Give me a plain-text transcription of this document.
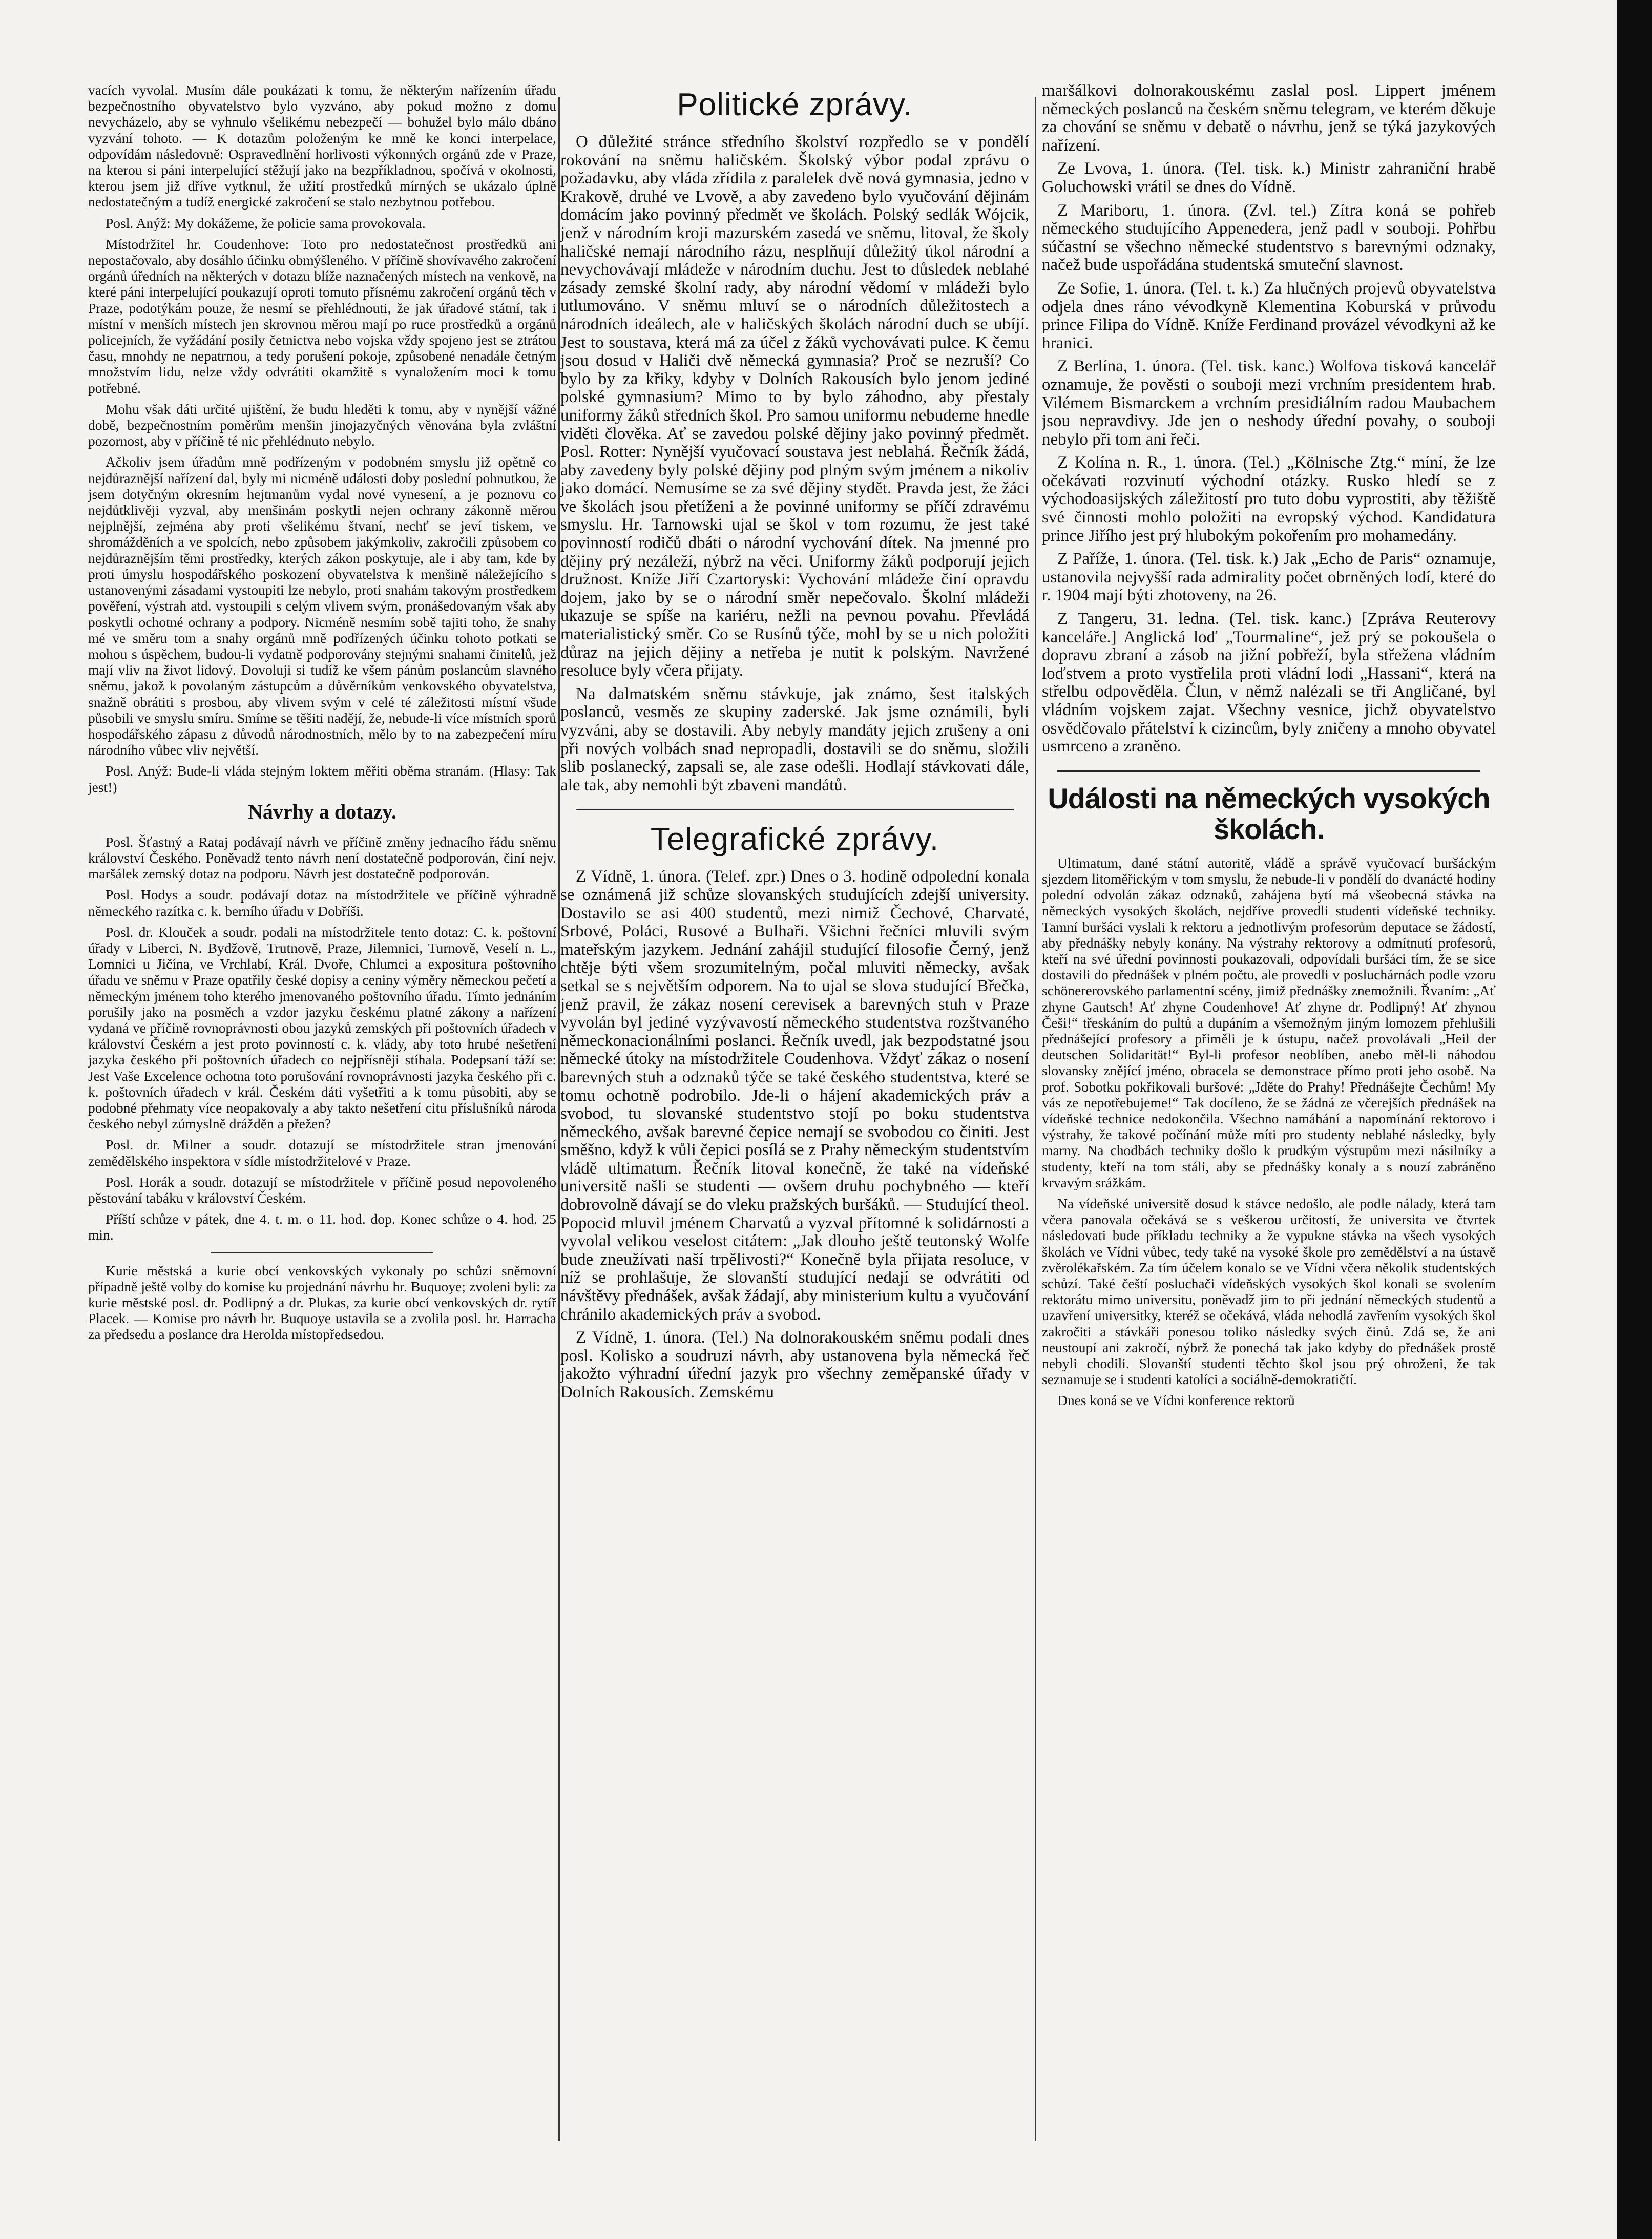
vacích vyvolal. Musím dále poukázati k tomu, že některým nařízením úřadu bezpečnostního obyvatelstvo bylo vyzváno, aby pokud možno z domu nevycházelo, aby se vyhnulo všelikému nebezpečí — bohužel bylo málo dbáno vyzvání tohoto. — K dotazům položeným ke mně ke konci interpelace, odpovídám následovně: Ospravedlnění horlivosti výkonných orgánů zde v Praze, na kterou si páni interpelující stěžují jako na bezpříkladnou, spočívá v okolnosti, kterou jsem již dříve vytknul, že užití prostředků mírných se ukázalo úplně nedostatečným a tudíž energické zakročení se stalo nezbytnou potřebou.

Posl. Anýž: My dokážeme, že policie sama provokovala.

Místodržitel hr. Coudenhove: Toto pro nedostatečnost prostředků ani nepostačovalo, aby dosáhlo účinku obmýšleného. V příčině shovívavého zakročení orgánů úředních na některých v dotazu blíže naznačených místech na venkově, na které páni interpelující poukazují oproti tomuto přísnému zakročení orgánů těch v Praze, podotýkám pouze, že nesmí se přehlédnouti, že jak úřadové státní, tak i místní v menších místech jen skrovnou měrou mají po ruce prostředků a orgánů policejních, že vyžádání posily četnictva nebo vojska vždy spojeno jest se ztrátou času, mnohdy ne nepatrnou, a tedy porušení pokoje, způsobené nenadále četným množstvím lidu, nelze vždy odvrátiti okamžitě s vynaložením moci k tomu potřebné.

Mohu však dáti určité ujištění, že budu hleděti k tomu, aby v nynější vážné době, bezpečnostním poměrům menšin jinojazyčných věnována byla zvláštní pozornost, aby v příčině té nic přehlédnuto nebylo.

Ačkoliv jsem úřadům mně podřízeným v podobném smyslu již opětně co nejdůraznější nařízení dal, byly mi nicméně události doby poslední pohnutkou, že jsem dotyčným okresním hejtmanům vydal nové vynesení, a je poznovu co nejdůtklivěji vyzval, aby menšinám poskytli nejen ochrany zákonně měrou nejplnější, zejména aby proti všelikému štvaní, nechť se jeví tiskem, ve shromážděních a ve spolcích, nebo způsobem jakýmkoliv, zakročili způsobem co nejdůraznějším těmi prostředky, kterých zákon poskytuje, ale i aby tam, kde by proti úmyslu hospodářského poskození obyvatelstva k menšině náležejícího s ustanovenými zásadami vystoupiti lze nebylo, proti snahám takovým prostředkem pověření, výstrah atd. vystoupili s celým vlivem svým, pronášedovaným však aby poskytli ochotné ochrany a podpory. Nicméně nesmím sobě tajiti toho, že snahy mé ve směru tom a snahy orgánů mně podřízených účinku tohoto potkati se mohou s úspěchem, budou-li vydatně podporovány stejnými snahami činitelů, jež mají vliv na život lidový. Dovoluji si tudíž ke všem pánům poslancům slavného sněmu, jakož k povolaným zástupcům a důvěrníkům venkovského obyvatelstva, snažně obrátiti s prosbou, aby vlivem svým v celé té záležitosti místní všude působili ve smyslu smíru. Smíme se těšiti nadějí, že, nebude-li více místních sporů hospodářského zápasu z důvodů národnostních, mělo by to na zabezpečení míru národního vůbec vliv největší.

Posl. Anýž: Bude-li vláda stejným loktem měřiti oběma stranám. (Hlasy: Tak jest!)

Návrhy a dotazy.

Posl. Šťastný a Rataj podávají návrh ve příčině změny jednacího řádu sněmu království Českého. Poněvadž tento návrh není dostatečně podporován, činí nejv. maršálek zemský dotaz na podporu. Návrh jest dostatečně podporován.

Posl. Hodys a soudr. podávají dotaz na místodržitele ve příčině výhradně německého razítka c. k. berního úřadu v Dobříši.

Posl. dr. Klouček a soudr. podali na místodržitele tento dotaz: C. k. poštovní úřady v Liberci, N. Bydžově, Trutnově, Praze, Jilemnici, Turnově, Veselí n. L., Lomnici u Jičína, ve Vrchlabí, Král. Dvoře, Chlumci a expositura poštovního úřadu ve sněmu v Praze opatřily české dopisy a ceniny výměry německou pečetí a německým jménem toho kterého jmenovaného poštovního úřadu. Tímto jednáním porušily jako na posměch a vzdor jazyku českému platné zákony a nařízení vydaná ve příčině rovnoprávnosti obou jazyků zemských při poštovních úřadech v království Českém a jest proto povinností c. k. vlády, aby toto hrubé nešetření jazyka českého při poštovních úřadech co nejpřísněji stíhala. Podepsaní táží se: Jest Vaše Excelence ochotna toto porušování rovnoprávnosti jazyka českého při c. k. poštovních úřadech v král. Českém dáti vyšetřiti a k tomu působiti, aby se podobné přehmaty více neopakovaly a aby takto nešetření citu příslušníků národa českého nebyl zúmyslně drážděn a přežen?

Posl. dr. Milner a soudr. dotazují se místodržitele stran jmenování zemědělského inspektora v sídle místodržitelové v Praze.

Posl. Horák a soudr. dotazují se místodržitele v příčině posud nepovoleného pěstování tabáku v království Českém.

Příští schůze v pátek, dne 4. t. m. o 11. hod. dop. Konec schůze o 4. hod. 25 min.

Kurie městská a kurie obcí venkovských vykonaly po schůzi sněmovní případně ještě volby do komise ku projednání návrhu hr. Buquoye; zvoleni byli: za kurie městské posl. dr. Podlipný a dr. Plukas, za kurie obcí venkovských dr. rytíř Placek. — Komise pro návrh hr. Buquoye ustavila se a zvolila posl. hr. Harracha za předsedu a poslance dra Herolda místopředsedou.

Politické zprávy.

O důležité stránce středního školství rozpředlo se v pondělí rokování na sněmu haličském. Školský výbor podal zprávu o požadavku, aby vláda zřídila z paralelek dvě nová gymnasia, jedno v Krakově, druhé ve Lvově, a aby zavedeno bylo vyučování dějinám domácím jako povinný předmět ve školách. Polský sedlák Wójcik, jenž v národním kroji mazurském zasedá ve sněmu, litoval, že školy haličské nemají národního rázu, nesplňují důležitý úkol národní a nevychovávají mládeže v národním duchu. Jest to důsledek neblahé zásady zemské školní rady, aby národní vědomí v mládeži bylo utlumováno. V sněmu mluví se o národních důležitostech a národních ideálech, ale v haličských školách národní duch se ubíjí. Jest to soustava, která má za účel z žáků vychovávati pulce. K čemu jsou dosud v Haliči dvě německá gymnasia? Proč se nezruší? Co bylo by za křiky, kdyby v Dolních Rakousích bylo jenom jediné polské gymnasium? Mimo to by bylo záhodno, aby přestaly uniformy žáků středních škol. Pro samou uniformu nebudeme hnedle viděti člověka. Ať se zavedou polské dějiny jako povinný předmět. Posl. Rotter: Nynější vyučovací soustava jest neblahá. Řečník žádá, aby zavedeny byly polské dějiny pod plným svým jménem a nikoliv jako domácí. Nemusíme se za své dějiny stydět. Pravda jest, že žáci ve školách jsou přetíženi a že povinné uniformy se příčí zdravému smyslu. Hr. Tarnowski ujal se škol v tom rozumu, že jest také povinností rodičů dbáti o národní vychování dítek. Na jmenné pro dějiny prý nezáleží, nýbrž na věci. Uniformy žáků podporují jejich družnost. Kníže Jiří Czartoryski: Vychování mládeže činí opravdu dojem, jako by se o národní směr nepečovalo. Školní mládeži ukazuje se spíše na kariéru, nežli na pevnou povahu. Převládá materialistický směr. Co se Rusínů týče, mohl by se u nich položiti důraz na jejich dějiny a netřeba je nutit k polským. Navržené resoluce byly včera přijaty.

Na dalmatském sněmu stávkuje, jak známo, šest italských poslanců, vesměs ze skupiny zaderské. Jak jsme oznámili, byli vyzváni, aby se dostavili. Aby nebyly mandáty jejich zrušeny a oni při nových volbách snad nepropadli, dostavili se do sněmu, složili slib poslanecký, zapsali se, ale zase odešli. Hodlají stávkovati dále, ale tak, aby nemohli být zbaveni mandátů.

Telegrafické zprávy.

Z Vídně, 1. února. (Telef. zpr.) Dnes o 3. hodině odpolední konala se oznámená již schůze slovanských studujících zdejší university. Dostavilo se asi 400 studentů, mezi nimiž Čechové, Charvaté, Srbové, Poláci, Rusové a Bulhaři. Všichni řečníci mluvili svým mateřským jazykem. Jednání zahájil studující filosofie Černý, jenž chtěje býti všem srozumitelným, počal mluviti německy, avšak setkal se s největším odporem. Na to ujal se slova studující Břečka, jenž pravil, že zákaz nosení cerevisek a barevných stuh v Praze vyvolán byl jediné vyzývavostí německého studentstva rozštvaného německonacionálními poslanci. Řečník uvedl, jak bezpodstatné jsou německé útoky na místodržitele Coudenhova. Vždyť zákaz o nosení barevných stuh a odznaků týče se také českého studentstva, které se tomu ochotně podrobilo. Jde-li o hájení akademických práv a svobod, tu slovanské studentstvo stojí po boku studentstva německého, avšak barevné čepice nemají se svobodou co činiti. Jest směšno, když k vůli čepici posílá se z Prahy německým studentstvím vládě ultimatum. Řečník litoval konečně, že také na vídeňské universitě našli se studenti — ovšem druhu pochybného — kteří dobrovolně dávají se do vleku pražských buršáků. — Studující theol. Popocid mluvil jménem Charvatů a vyzval přítomné k solidárnosti a vyvolal velikou veselost citátem: „Jak dlouho ještě teutonský Wolfe bude zneužívati naší trpělivosti?“ Konečně byla přijata resoluce, v níž se prohlašuje, že slovanští studující nedají se odvrátiti od návštěvy přednášek, avšak žádají, aby ministerium kultu a vyučování chránilo akademických práv a svobod.

Z Vídně, 1. února. (Tel.) Na dolnorakouském sněmu podali dnes posl. Kolisko a soudruzi návrh, aby ustanovena byla německá řeč jakožto výhradní úřední jazyk pro všechny zeměpanské úřady v Dolních Rakousích. Zemskému

maršálkovi dolnorakouskému zaslal posl. Lippert jménem německých poslanců na českém sněmu telegram, ve kterém děkuje za chování se sněmu v debatě o návrhu, jenž se týká jazykových nařízení.

Ze Lvova, 1. února. (Tel. tisk. k.) Ministr zahraniční hrabě Goluchowski vrátil se dnes do Vídně.

Z Mariboru, 1. února. (Zvl. tel.) Zítra koná se pohřeb německého studujícího Appenedera, jenž padl v souboji. Pohřbu súčastní se všechno německé studentstvo s barevnými odznaky, načež bude uspořádána studentská smuteční slavnost.

Ze Sofie, 1. února. (Tel. t. k.) Za hlučných projevů obyvatelstva odjela dnes ráno vévodkyně Klementina Koburská v průvodu prince Filipa do Vídně. Kníže Ferdinand provázel vévodkyni až ke hranici.

Z Berlína, 1. února. (Tel. tisk. kanc.) Wolfova tisková kancelář oznamuje, že pověsti o souboji mezi vrchním presidentem hrab. Vilémem Bismarckem a vrchním presidiálním radou Maubachem jsou nepravdivy. Jde jen o neshody úřední povahy, o souboji nebylo při tom ani řeči.

Z Kolína n. R., 1. února. (Tel.) „Kölnische Ztg.“ míní, že lze očekávati rozvinutí východní otázky. Rusko hledí se z východoasijských záležitostí pro tuto dobu vyprostiti, aby těžiště své činnosti mohlo položiti na evropský východ. Kandidatura prince Jiřího jest prý hlubokým pokořením pro mohamedány.

Z Paříže, 1. února. (Tel. tisk. k.) Jak „Echo de Paris“ oznamuje, ustanovila nejvyšší rada admirality počet obrněných lodí, které do r. 1904 mají býti zhotoveny, na 26.

Z Tangeru, 31. ledna. (Tel. tisk. kanc.) [Zpráva Reuterovy kanceláře.] Anglická loď „Tourmaline“, jež prý se pokoušela o dopravu zbraní a zásob na jižní pobřeží, byla střežena vládním loďstvem a proto vystřelila proti vládní lodi „Hassani“, která na střelbu odpověděla. Člun, v němž nalézali se tři Angličané, byl vládním vojskem zajat. Všechny vesnice, jichž obyvatelstvo osvědčovalo přátelství k cizincům, byly zničeny a mnoho obyvatel usmrceno a zraněno.

Události na německých vysokých školách.

Ultimatum, dané státní autoritě, vládě a správě vyučovací buršáckým sjezdem litoměřickým v tom smyslu, že nebude-li v pondělí do dvanácté hodiny polední odvolán zákaz odznaků, zahájena bytí má všeobecná stávka na německých vysokých školách, nejdříve provedli studenti vídeňské techniky. Tamní buršáci vyslali k rektoru a jednotlivým profesorům deputace se žádostí, aby přednášky nebyly konány. Na výstrahy rektorovy a odmítnutí profesorů, kteří na své úřední povinnosti poukazovali, odpovídali buršáci tím, že se sice dostavili do přednášek v plném počtu, ale provedli v posluchárnách podle vzoru schönererovského parlamentní scény, jimiž přednášky znemožnili. Řvaním: „Ať zhyne Gautsch! Ať zhyne Coudenhove! Ať zhyne dr. Podlipný! Ať zhynou Češi!“ třeskáním do pultů a dupáním a všemožným jiným lomozem přehlušili přednášející profesory a přiměli je k ústupu, načež provolávali „Heil der deutschen Solidarität!“ Byl-li profesor neoblíben, anebo měl-li náhodou slovansky znějící jméno, obracela se demonstrace přímo proti jeho osobě. Na prof. Sobotku pokřikovali buršové: „Jděte do Prahy! Přednášejte Čechům! My vás ze nepotřebujeme!“ Tak docíleno, že se žádná ze včerejších přednášek na vídeňské technice nedokončila. Všechno namáhání a napomínání rektorovo i výstrahy, že takové počínání může míti pro studenty neblahé následky, byly marny. Na chodbách techniky došlo k prudkým výstupům mezi násilníky a studenty, kteří na tom stáli, aby se přednášky konaly a s nouzí zabráněno krvavým srážkám.

Na vídeňské universitě dosud k stávce nedošlo, ale podle nálady, která tam včera panovala očekává se s veškerou určitostí, že universita ve čtvrtek následovati bude příkladu techniky a že vypukne stávka na všech vysokých školách ve Vídni vůbec, tedy také na vysoké škole pro zemědělství a na ústavě zvěrolékařském. Za tím účelem konalo se ve Vídni včera několik studentských schůzí. Také čeští posluchači vídeňských vysokých škol konali se svolením rektorátu mimo universitu, poněvadž jim to při jednání německých studentů a uzavření universitky, kteréž se očekává, vláda nehodlá zavřením vysokých škol zakročiti a stávkáři ponesou toliko následky svých činů. Zdá se, že ani neustoupí ani zakročí, nýbrž že ponechá tak jako kdyby do přednášek prostě nebyli chodili. Slovanští studenti těchto škol jsou prý ohroženi, že tak seznamuje se i studenti katolíci a sociálně-demokratičtí.

Dnes koná se ve Vídni konference rektorů
